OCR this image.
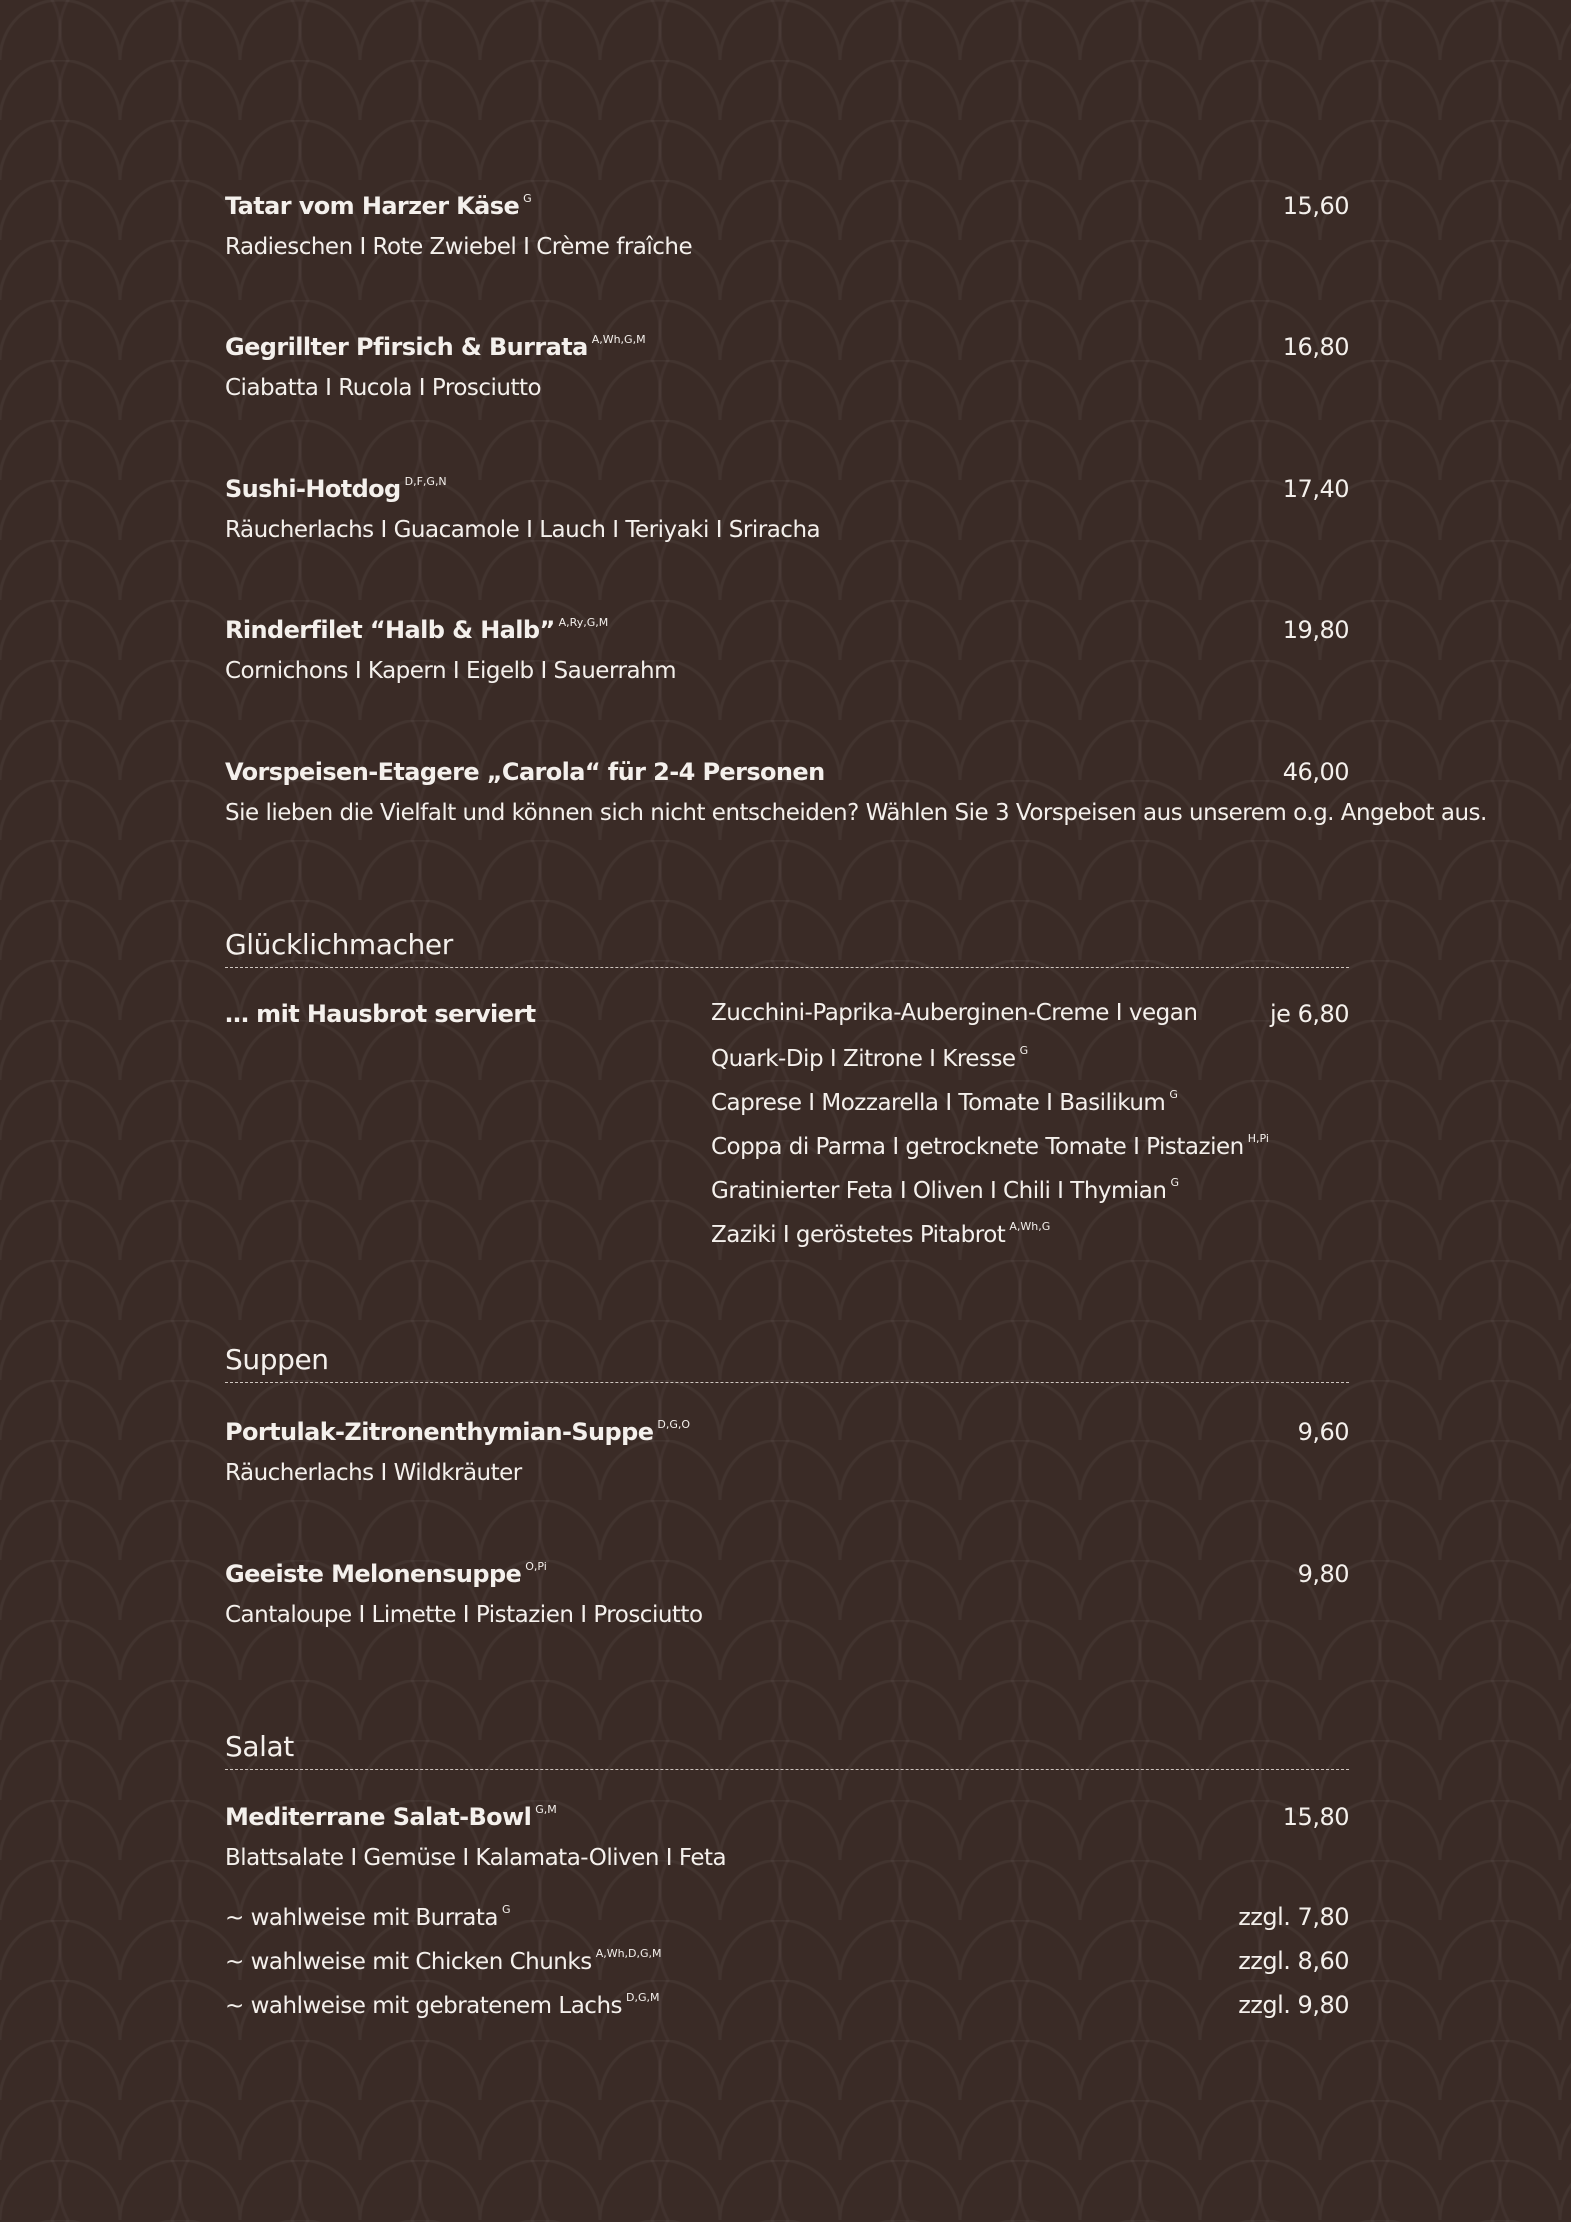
Tatar vom Harzer Käse $^G$	15,60
Radieschen I Rote Zwiebel I Crème fraîche
Gegrillter Pfirsich & Burrata $^{A,Wh,G,M}$	16,80
Ciabatta I Rucola I Prosciutto
Sushi-Hotdog $^{D,F,G,N}$	17,40
Räucherlachs I Guacamole I Lauch I Teriyaki I Sriracha
Rinderfilet “Halb & Halb” $^{A,Ry,G,M}$	19,80
Cornichons I Kapern I Eigelb I Sauerrahm
Vorspeisen-Etagere „Carola“ für 2-4 Personen	46,00
Sie lieben die Vielfalt und können sich nicht entscheiden? Wählen Sie 3 Vorspeisen aus unserem o.g. Angebot aus.
Glücklichmacher
… mit Hausbrot serviert	je 6,80
Zucchini-Paprika-Auberginen-Creme I vegan
Quark-Dip I Zitrone I Kresse $^G$
Caprese I Mozzarella I Tomate I Basilikum $^G$
Coppa di Parma I getrocknete Tomate I Pistazien $^{H,Pi}$
Gratinierter Feta I Oliven I Chili I Thymian $^G$
Zaziki I geröstetes Pitabrot $^{A,Wh,G}$
Suppen
Portulak-Zitronenthymian-Suppe $^{D,G,O}$	9,60
Räucherlachs I Wildkräuter
Geeiste Melonensuppe $^{O,Pi}$	9,80
Cantaloupe I Limette I Pistazien I Prosciutto
Salat
Mediterrane Salat-Bowl $^{G,M}$	15,80
Blattsalate I Gemüse I Kalamata-Oliven I Feta
~ wahlweise mit Burrata $^G$	zzgl. 7,80
~ wahlweise mit Chicken Chunks $^{A,Wh,D,G,M}$	zzgl. 8,60
~ wahlweise mit gebratenem Lachs $^{D,G,M}$	zzgl. 9,80
